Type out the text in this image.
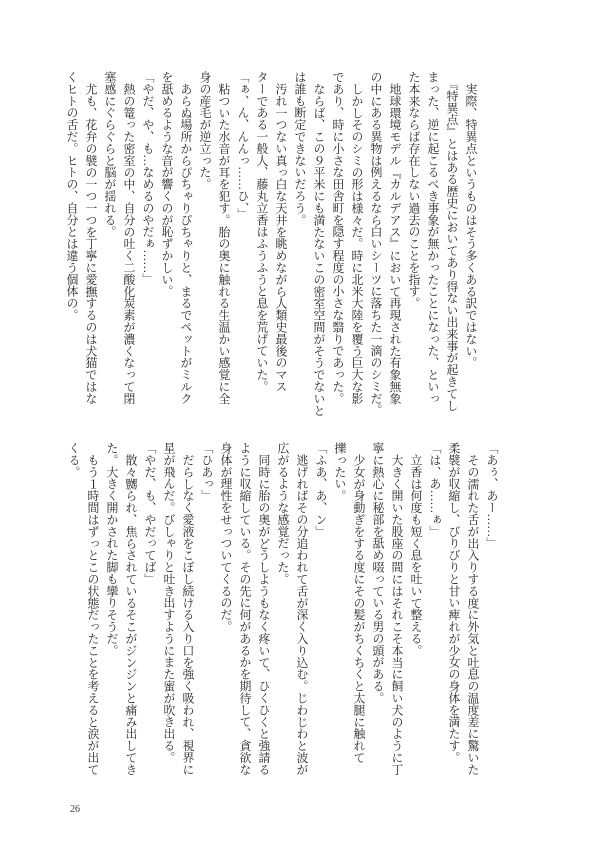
実際、特異点というものはそう多くある訳ではない。

『特異点』とはある歴史においてあり得ない出来事が起きてし

まった、逆に起こるべき事象が無かったことになった、といっ

た本来ならば存在しない過去のことを指す。

地球環境モデル『カルデアス』において再現された有象無象

の中にある異物は例えるなら白いシーツに落ちた一滴のシミだ。

しかしそのシミの形は様々だ。時に北米大陸を覆う巨大な影

であり、時に小さな田舎町を隠す程度の小さな翳りであった。

ならば、この９平米にも満たないこの密室空間がそうでないと

は誰も断定できないだろう。

汚れ一つない真っ白な天井を眺めながら人類史最後のマス

ターである一般人、藤丸立香はふうふうと息を荒げていた。

「ぁ、ん、んんっ……ひ、」

粘ついた水音が耳を犯す。胎の奥に触れる生温かい感覚に全

身の産毛が逆立った。

あらぬ場所からぴちゃりぴちゃりと、まるでペットがミルク

を舐めるような音が響くのが恥ずかしい。

「やだ、や、も…なめるのやだぁ……」

熱の篭った密室の中、自分の吐く二酸化炭素が濃くなって閉

塞感にぐらぐらと脳が揺れる。

尤も、花弁の襞の一つ一つを丁寧に愛撫するのは犬猫ではな

くヒトの舌だ。ヒトの、自分とは違う個体の。

「あぅ、あー……」

その濡れた舌が出入りする度に外気と吐息の温度差に驚いた

柔襞が収縮し、びりびりと甘い痺れが少女の身体を満たす。

「は、あ……ぁ」

立香は何度も短く息を吐いて整える。

大きく開いた股座の間にはそれこそ本当に飼い犬のように丁

寧に熱心に秘部を舐め啜っている男の頭がある。

少女が身動ぎをする度にその髪がちくちくと太腿に触れて

擽ったい。

「ふあ、あ、ン」

逃げればその分追われて舌が深く入り込む。じわじわと波が

広がるような感覚だった。

同時に胎の奥がどうしようもなく疼いて、ひくひくと強請る

ように収縮している。その先に何があるかを期待して、貪欲な

身体が理性をせっついてくるのだ。

「ひあっ」

だらしなく愛液をこぼし続ける入り口を強く吸われ、視界に

星が飛んだ。びしゃりと吐き出すようにまた蜜が吹き出る。

「やだ、も、やだってば」

散々嬲られ、焦らされているそこがジンジンと痛み出してき

た。大きく開かされた脚も攣りそうだ。

もう１時間はずっとこの状態だったことを考えると涙が出て

くる。

26
